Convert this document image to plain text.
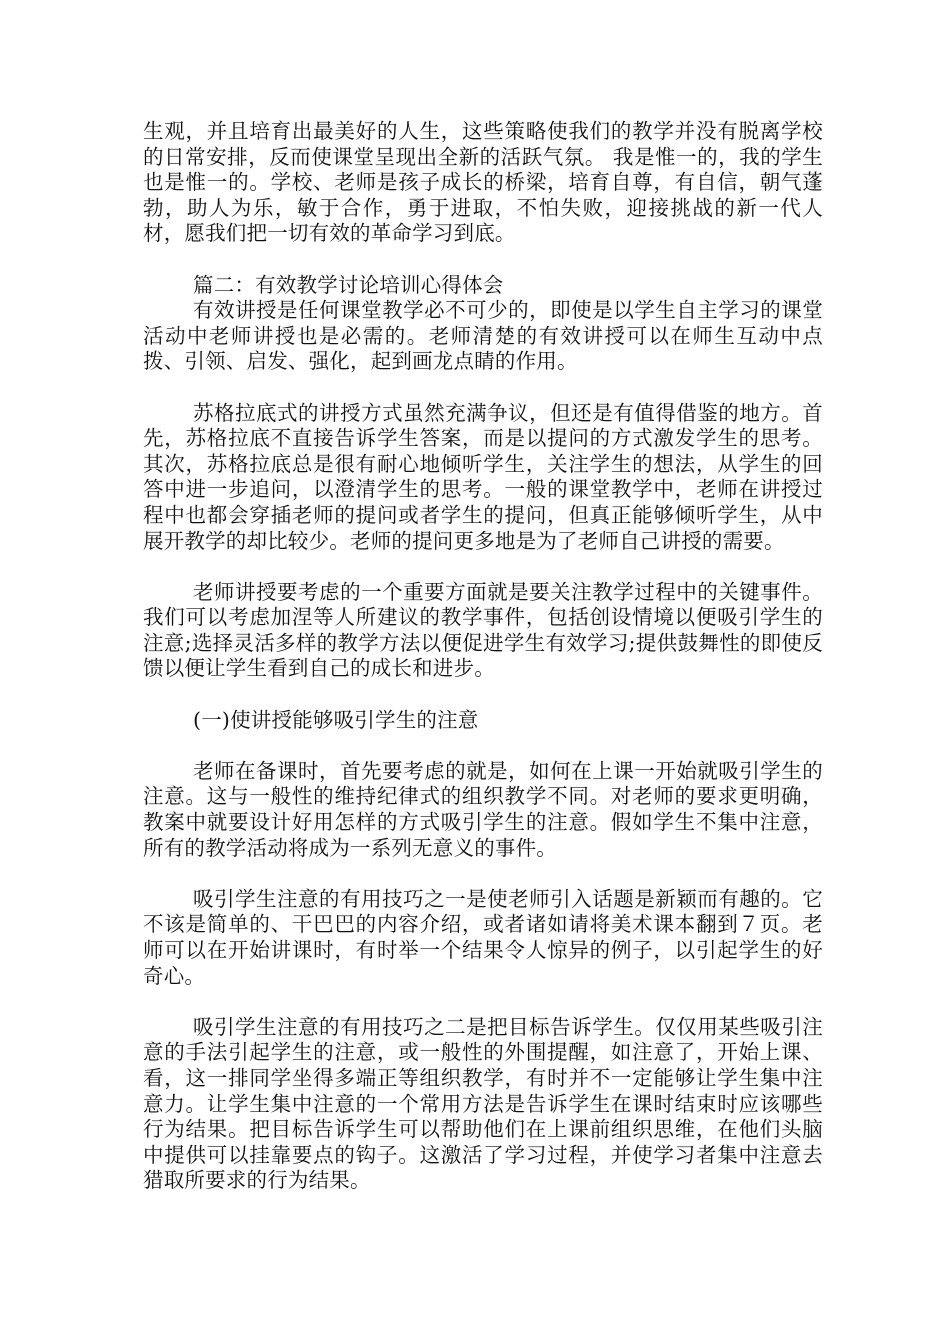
生观，并且培育出最美好的人生，这些策略使我们的教学并没有脱离学校的日常安排，反而使课堂呈现出全新的活跃气氛。 我是惟一的，我的学生也是惟一的。学校、老师是孩子成长的桥梁，培育自尊，有自信，朝气蓬勃，助人为乐，敏于合作，勇于进取，不怕失败，迎接挑战的新一代人材，愿我们把一切有效的革命学习到底。

篇二：有效教学讨论培训心得体会

有效讲授是任何课堂教学必不可少的，即使是以学生自主学习的课堂活动中老师讲授也是必需的。老师清楚的有效讲授可以在师生互动中点拨、引领、启发、强化，起到画龙点睛的作用。

苏格拉底式的讲授方式虽然充满争议，但还是有值得借鉴的地方。首先，苏格拉底不直接告诉学生答案，而是以提问的方式激发学生的思考。其次，苏格拉底总是很有耐心地倾听学生，关注学生的想法，从学生的回答中进一步追问，以澄清学生的思考。一般的课堂教学中，老师在讲授过程中也都会穿插老师的提问或者学生的提问，但真正能够倾听学生，从中展开教学的却比较少。老师的提问更多地是为了老师自己讲授的需要。

老师讲授要考虑的一个重要方面就是要关注教学过程中的关键事件。我们可以考虑加涅等人所建议的教学事件，包括创设情境以便吸引学生的注意;选择灵活多样的教学方法以便促进学生有效学习;提供鼓舞性的即使反馈以便让学生看到自己的成长和进步。

(一)使讲授能够吸引学生的注意

老师在备课时，首先要考虑的就是，如何在上课一开始就吸引学生的注意。这与一般性的维持纪律式的组织教学不同。对老师的要求更明确，教案中就要设计好用怎样的方式吸引学生的注意。假如学生不集中注意，所有的教学活动将成为一系列无意义的事件。

吸引学生注意的有用技巧之一是使老师引入话题是新颖而有趣的。它不该是简单的、干巴巴的内容介绍，或者诸如请将美术课本翻到７页。老师可以在开始讲课时，有时举一个结果令人惊异的例子，以引起学生的好奇心。

吸引学生注意的有用技巧之二是把目标告诉学生。仅仅用某些吸引注意的手法引起学生的注意，或一般性的外围提醒，如注意了，开始上课、看，这一排同学坐得多端正等组织教学，有时并不一定能够让学生集中注意力。让学生集中注意的一个常用方法是告诉学生在课时结束时应该哪些行为结果。把目标告诉学生可以帮助他们在上课前组织思维，在他们头脑中提供可以挂靠要点的钩子。这激活了学习过程，并使学习者集中注意去猎取所要求的行为结果。
